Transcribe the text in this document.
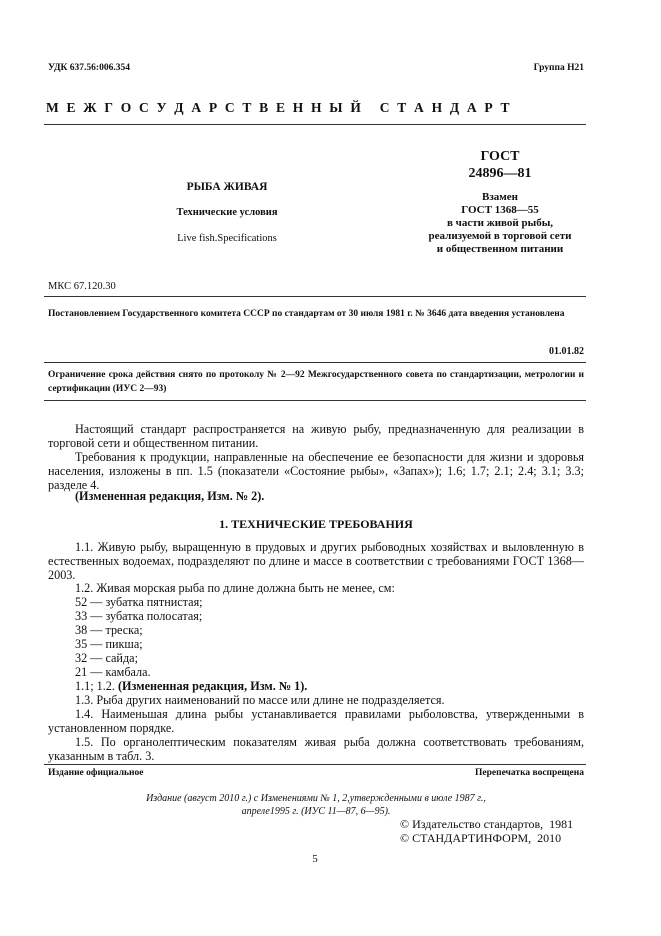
УДК 637.56:006.354	Группа Н21
М Е Ж Г О С У Д А Р С Т В Е Н Н Ы Й   С Т А Н Д А Р Т
РЫБА ЖИВАЯ
Технические условия
Live fish.Specifications
ГОСТ
24896—81
Взамен
ГОСТ 1368—55
в части живой рыбы,
реализуемой в торговой сети
и общественном питании
МКС 67.120.30
Постановлением Государственного комитета СССР по стандартам от 30 июля 1981 г. № 3646 дата введения установлена
01.01.82
Ограничение срока действия снято по протоколу № 2—92 Межгосударственного совета по стандартизации, метрологии и сертификации (ИУС 2—93)
Настоящий стандарт распространяется на живую рыбу, предназначенную для реализации в торговой сети и общественном питании.
Требования к продукции, направленные на обеспечение ее безопасности для жизни и здоровья населения, изложены в пп. 1.5 (показатели «Состояние рыбы», «Запах»); 1.6; 1.7; 2.1; 2.4; 3.1; 3.3; разделе 4.
(Измененная редакция, Изм. № 2).
1. ТЕХНИЧЕСКИЕ ТРЕБОВАНИЯ
1.1. Живую рыбу, выращенную в прудовых и других рыбоводных хозяйствах и выловленную в естественных водоемах, подразделяют по длине и массе в соответствии с требованиями ГОСТ 1368—2003.
1.2. Живая морская рыба по длине должна быть не менее, см:
52 — зубатка пятнистая;
33 — зубатка полосатая;
38 — треска;
35 — пикша;
32 — сайда;
21 — камбала.
1.1; 1.2. (Измененная редакция, Изм. № 1).
1.3. Рыба других наименований по массе или длине не подразделяется.
1.4. Наименьшая длина рыбы устанавливается правилами рыболовства, утвержденными в установленном порядке.
1.5. По органолептическим показателям живая рыба должна соответствовать требованиям, указанным в табл. 3.
Издание официальное	Перепечатка воспрещена
Издание (август 2010 г.) с Изменениями № 1, 2,утвержденными в июле 1987 г.,
апреле1995 г. (ИУС 11—87, 6—95).
© Издательство стандартов,  1981
© СТАНДАРТИНФОРМ,  2010
5
